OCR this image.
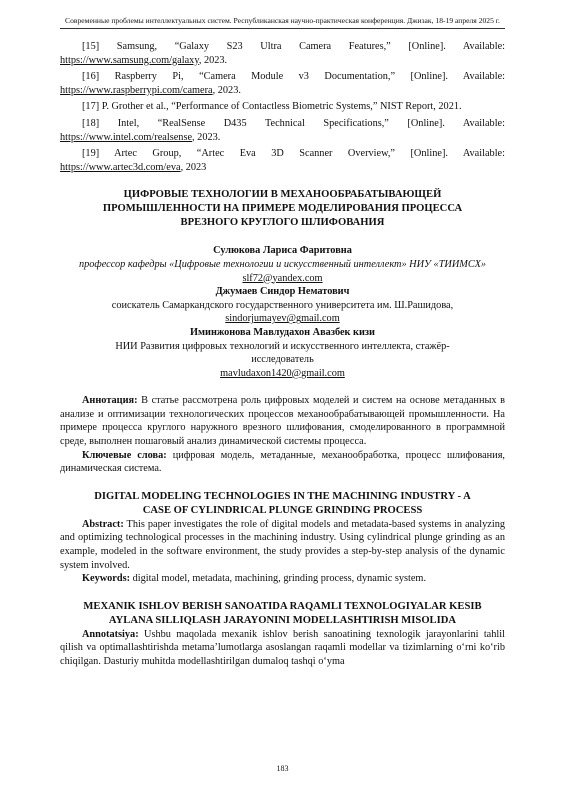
Современные проблемы интеллектуальных систем. Республиканская научно-практическая конференция. Джизак, 18-19 апреля 2025 г.

[15] Samsung, “Galaxy S23 Ultra Camera Features,” [Online]. Available: https://www.samsung.com/galaxy, 2023.

[16] Raspberry Pi, “Camera Module v3 Documentation,” [Online]. Available: https://www.raspberrypi.com/camera, 2023.

[17] P. Grother et al., “Performance of Contactless Biometric Systems,” NIST Report, 2021.

[18] Intel, “RealSense D435 Technical Specifications,” [Online]. Available: https://www.intel.com/realsense, 2023.

[19] Artec Group, “Artec Eva 3D Scanner Overview,” [Online]. Available: https://www.artec3d.com/eva, 2023

ЦИФРОВЫЕ ТЕХНОЛОГИИ В МЕХАНООБРАБАТЫВАЮЩЕЙ ПРОМЫШЛЕННОСТИ НА ПРИМЕРЕ МОДЕЛИРОВАНИЯ ПРОЦЕССА ВРЕЗНОГО КРУГЛОГО ШЛИФОВАНИЯ

Сулюкова Лариса Фаритовна

профессор кафедры «Цифровые технологии и искусственный интеллект» НИУ «ТИИМСХ»

slf72@yandex.com

Джумаев Синдор Нематович

соискатель Самаркандского государственного университета им. Ш.Рашидова,

sindorjumayev@gmail.com

Иминжонова Мавлудахон Авазбек кизи

НИИ Развития цифровых технологий и искусственного интеллекта, стажёр-исследователь

mavludaxon1420@gmail.com

Аннотация: В статье рассмотрена роль цифровых моделей и систем на основе метаданных в анализе и оптимизации технологических процессов механообрабатывающей промышленности. На примере процесса круглого наружного врезного шлифования, смоделированного в программной среде, выполнен пошаговый анализ динамической системы процесса.

Ключевые слова: цифровая модель, метаданные, механообработка, процесс шлифования, динамическая система.

DIGITAL MODELING TECHNOLOGIES IN THE MACHINING INDUSTRY - A CASE OF CYLINDRICAL PLUNGE GRINDING PROCESS

Abstract: This paper investigates the role of digital models and metadata-based systems in analyzing and optimizing technological processes in the machining industry. Using cylindrical plunge grinding as an example, modeled in the software environment, the study provides a step-by-step analysis of the dynamic system involved.

Keywords: digital model, metadata, machining, grinding process, dynamic system.

MEXANIK ISHLOV BERISH SANOATIDA RAQAMLI TEXNOLOGIYALAR KESIB AYLANA SILLIQLASH JARAYONINI MODELLASHTIRISH MISOLIDA

Annotatsiya: Ushbu maqolada mexanik ishlov berish sanoatining texnologik jarayonlarini tahlil qilish va optimallashtirishda metama’lumotlarga asoslangan raqamli modellar va tizimlarning o‘rni ko‘rib chiqilgan. Dasturiy muhitda modellashtirilgan dumaloq tashqi o‘yma

183
